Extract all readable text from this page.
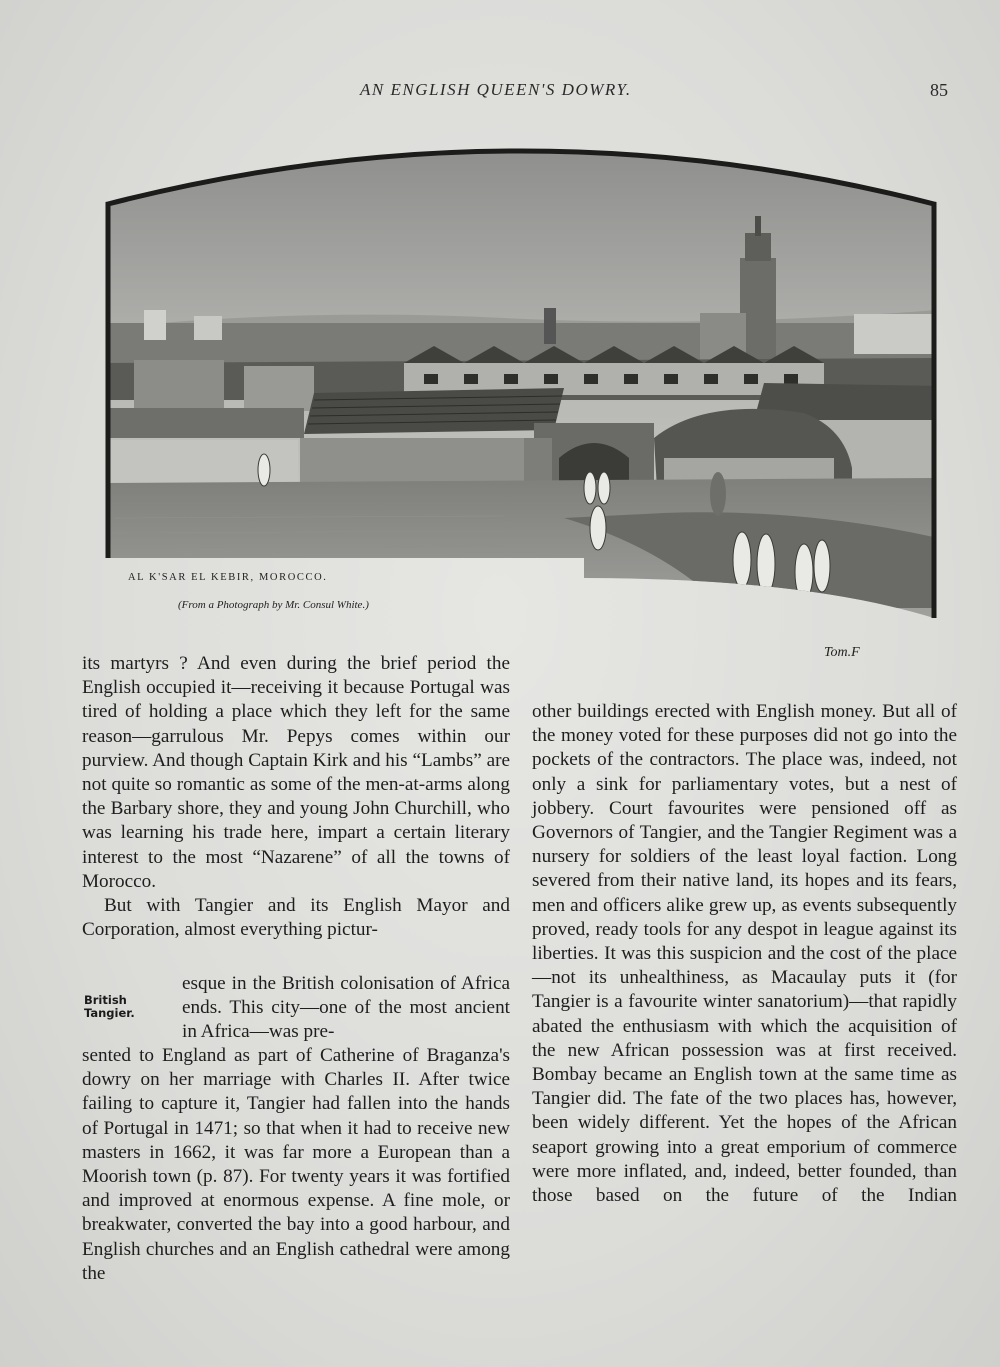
AN ENGLISH QUEEN'S DOWRY.	85
Tom.F
AL K'SAR EL KEBIR, MOROCCO.
(From a Photograph by Mr. Consul White.)

its martyrs ? And even during the brief period the English occupied it—receiving it because Portugal was tired of holding a place which they left for the same reason—garrulous Mr. Pepys comes within our purview. And though Captain Kirk and his “Lambs” are not quite so romantic as some of the men-at-arms along the Barbary shore, they and young John Churchill, who was learning his trade here, impart a certain literary interest to the most “Nazarene” of all the towns of Morocco.

But with Tangier and its English Mayor and Corporation, almost everything pictur-

British
Tangier.

esque in the British colonisation of Africa ends. This city—one of the most ancient in Africa—was pre-

sented to England as part of Catherine of Braganza's dowry on her marriage with Charles II. After twice failing to capture it, Tangier had fallen into the hands of Portugal in 1471; so that when it had to receive new masters in 1662, it was far more a European than a Moorish town (p. 87). For twenty years it was fortified and improved at enormous expense. A fine mole, or breakwater, converted the bay into a good harbour, and English churches and an English cathedral were among the

other buildings erected with English money. But all of the money voted for these purposes did not go into the pockets of the contractors. The place was, indeed, not only a sink for parliamentary votes, but a nest of jobbery. Court favourites were pensioned off as Governors of Tangier, and the Tangier Regiment was a nursery for soldiers of the least loyal faction. Long severed from their native land, its hopes and its fears, men and officers alike grew up, as events subsequently proved, ready tools for any despot in league against its liberties. It was this suspicion and the cost of the place—not its unhealthiness, as Macaulay puts it (for Tangier is a favourite winter sanatorium)—that rapidly abated the enthusiasm with which the acquisition of the new African possession was at first received. Bombay became an English town at the same time as Tangier did. The fate of the two places has, however, been widely different. Yet the hopes of the African seaport growing into a great emporium of commerce were more inflated, and, indeed, better founded, than those based on the future of the Indian
